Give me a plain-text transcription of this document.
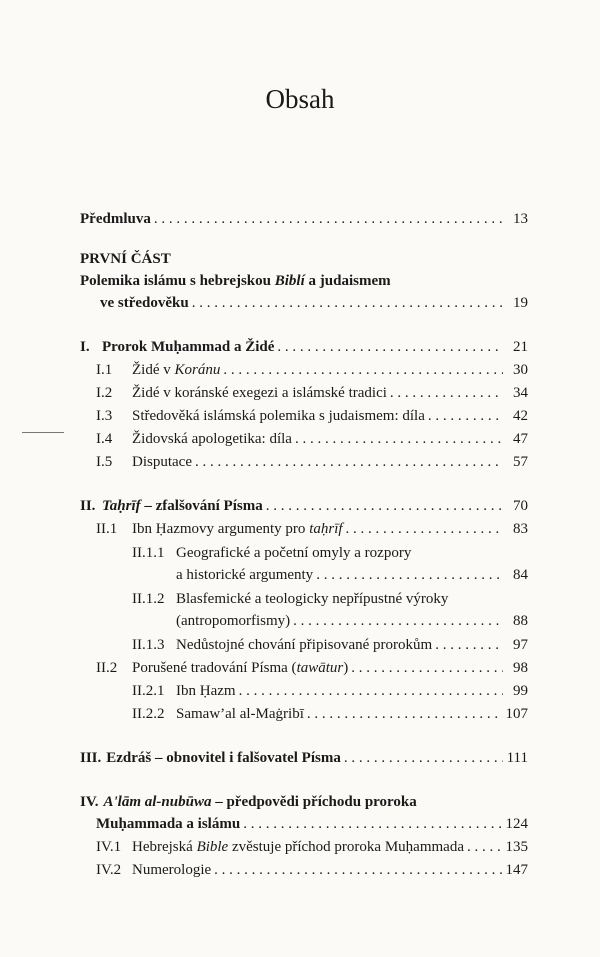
Obsah
Předmluva . . .	13
PRVNÍ ČÁST
Polemika islámu s hebrejskou Biblí a judaismem
ve středověku . . .	19
I. Prorok Muḥammad a Židé . . .	21
I.1	Židé v Koránu . . .	30
I.2	Židé v koránské exegezi a islámské tradici . . .	34
I.3	Středověká islámská polemika s judaismem: díla . . .	42
I.4	Židovská apologetika: díla . . .	47
I.5	Disputace . . .	57
II. Taḥrīf – zfalšování Písma . . .	70
II.1 Ibn Ḥazmovy argumenty pro taḥrīf . . .	83
II.1.1 Geografické a početní omyly a rozpory
a historické argumenty . . .	84
II.1.2 Blasfemické a teologicky nepřípustné výroky
(antropomorfismy) . . .	88
II.1.3 Nedůstojné chování připisované prorokům . . .	97
II.2 Porušené tradování Písma (tawātur) . . .	98
II.2.1 Ibn Ḥazm . . .	99
II.2.2 Samaw’al al-Maġribī . . .	107
III. Ezdráš – obnovitel i falšovatel Písma . . .	111
IV. A'lām al-nubūwa – předpovědi příchodu proroka
Muḥammada a islámu . . .	124
IV.1 Hebrejská Bible zvěstuje příchod proroka Muḥammada . . .	135
IV.2 Numerologie . . .	147
